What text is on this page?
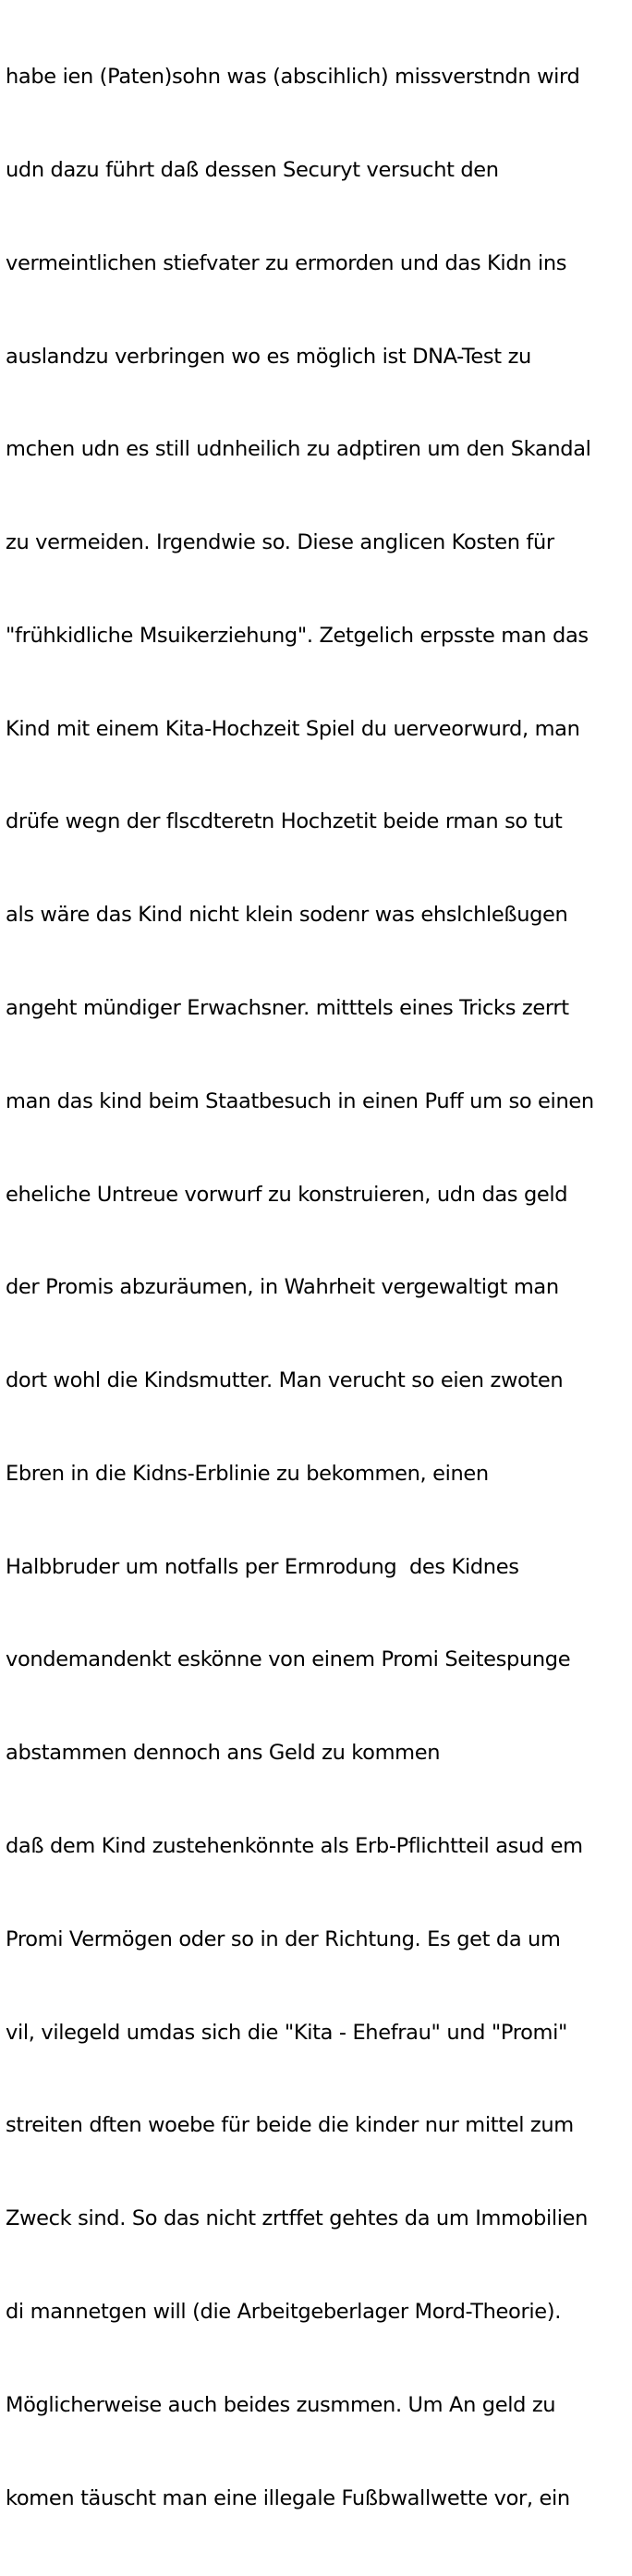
habe ien (Paten)sohn was (abscihlich) missverstndn wird

udn dazu führt daß dessen Securyt versucht den

vermeintlichen stiefvater zu ermorden und das Kidn ins

auslandzu verbringen wo es möglich ist DNA-Test zu

mchen udn es still udnheilich zu adptiren um den Skandal

zu vermeiden. Irgendwie so. Diese anglicen Kosten für

"frühkidliche Msuikerziehung". Zetgelich erpsste man das

Kind mit einem Kita-Hochzeit Spiel du uerveorwurd, man

drüfe wegn der flscdteretn Hochzetit beide rman so tut

als wäre das Kind nicht klein sodenr was ehslchleßugen

angeht mündiger Erwachsner. mitttels eines Tricks zerrt

man das kind beim Staatbesuch in einen Puff um so einen

eheliche Untreue vorwurf zu konstruieren, udn das geld

der Promis abzuräumen, in Wahrheit vergewaltigt man

dort wohl die Kindsmutter. Man verucht so eien zwoten

Ebren in die Kidns-Erblinie zu bekommen, einen

Halbbruder um notfalls per Ermrodung  des Kidnes

vondemandenkt eskönne von einem Promi Seitespunge

abstammen dennoch ans Geld zu kommen

daß dem Kind zustehenkönnte als Erb-Pflichtteil asud em

Promi Vermögen oder so in der Richtung. Es get da um

vil, vilegeld umdas sich die "Kita - Ehefrau" und "Promi"

streiten dften woebe für beide die kinder nur mittel zum

Zweck sind. So das nicht zrtffet gehtes da um Immobilien

di mannetgen will (die Arbeitgeberlager Mord-Theorie).

Möglicherweise auch beides zusmmen. Um An geld zu

komen täuscht man eine illegale Fußbwallwette vor, ein
